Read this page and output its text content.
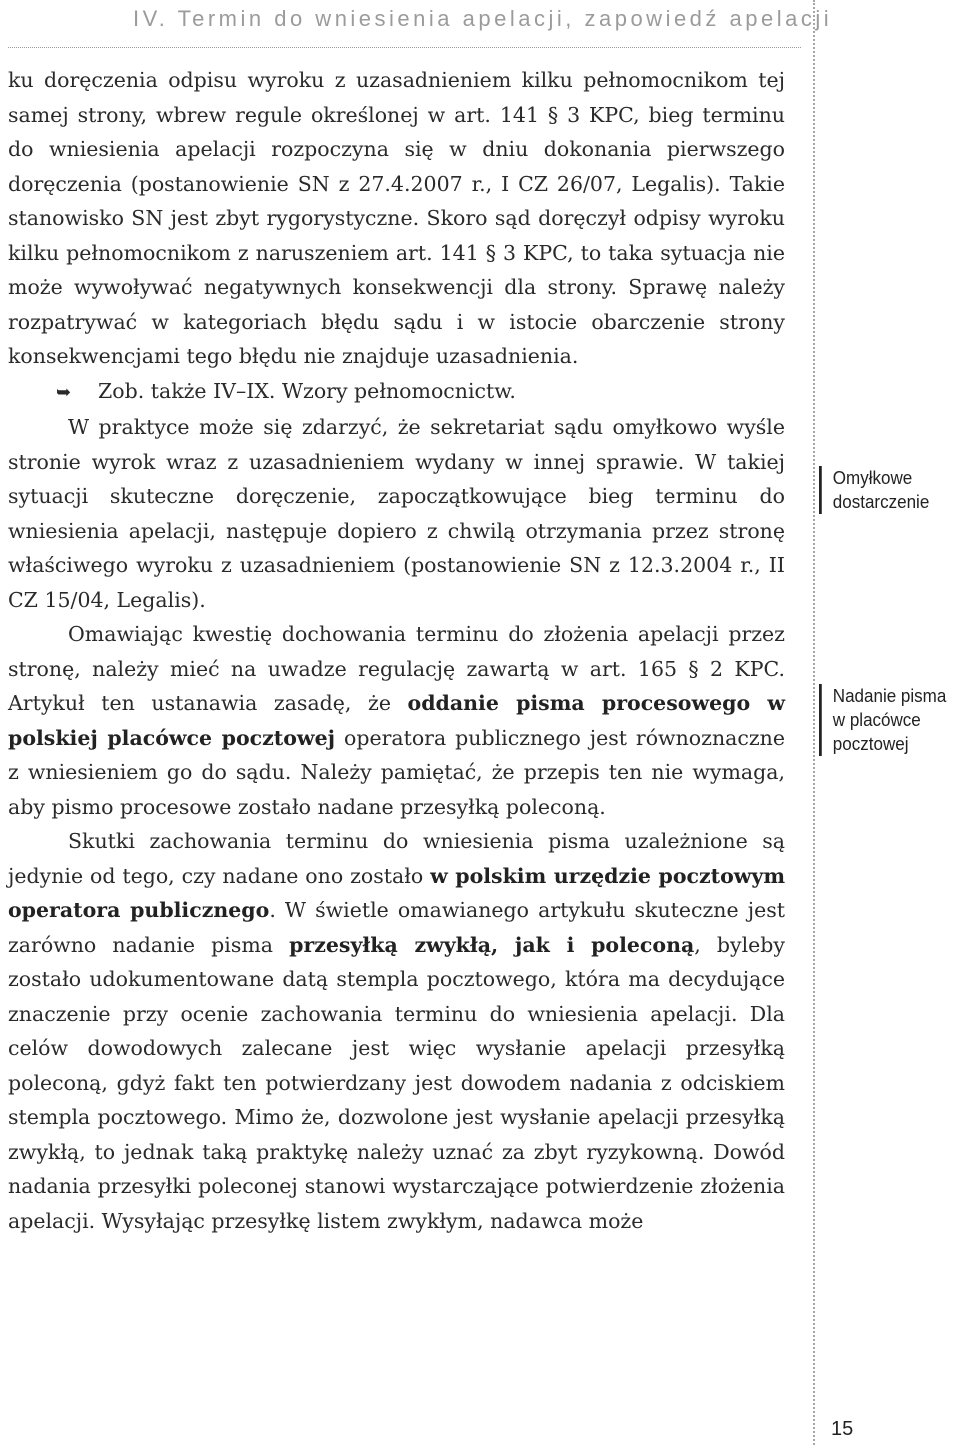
IV. Termin do wniesienia apelacji, zapowiedź apelacji

ku doręczenia odpisu wyroku z uzasadnieniem kilku pełnomocnikom tej samej strony, wbrew regule określonej w art. 141 § 3 KPC, bieg terminu do wniesienia apelacji rozpoczyna się w dniu dokonania pierwszego doręczenia (postanowienie SN z 27.4.2007 r., I CZ 26/07, Legalis). Takie stanowisko SN jest zbyt rygorystyczne. Skoro sąd doręczył odpisy wyroku kilku pełnomocnikom z naruszeniem art. 141 § 3 KPC, to taka sytuacja nie może wywoływać negatywnych konsekwencji dla strony. Sprawę należy rozpatrywać w kategoriach błędu sądu i w istocie obarczenie strony konsekwencjami tego błędu nie znajduje uzasadnienia.

➥ Zob. także IV–IX. Wzory pełnomocnictw.

W praktyce może się zdarzyć, że sekretariat sądu omyłkowo wyśle stronie wyrok wraz z uzasadnieniem wydany w innej sprawie. W takiej sytuacji skuteczne doręczenie, zapoczątkowujące bieg terminu do wniesienia apelacji, następuje dopiero z chwilą otrzymania przez stronę właściwego wyroku z uzasadnieniem (postanowienie SN z 12.3.2004 r., II CZ 15/04, Legalis).

Omawiając kwestię dochowania terminu do złożenia apelacji przez stronę, należy mieć na uwadze regulację zawartą w art. 165 § 2 KPC. Artykuł ten ustanawia zasadę, że oddanie pisma procesowego w polskiej placówce pocztowej operatora publicznego jest równoznaczne z wniesieniem go do sądu. Należy pamiętać, że przepis ten nie wymaga, aby pismo procesowe zostało nadane przesyłką poleconą.

Skutki zachowania terminu do wniesienia pisma uzależnione są jedynie od tego, czy nadane ono zostało w polskim urzędzie pocztowym operatora publicznego. W świetle omawianego artykułu skuteczne jest zarówno nadanie pisma przesyłką zwykłą, jak i poleconą, byleby zostało udokumentowane datą stempla pocztowego, która ma decydujące znaczenie przy ocenie zachowania terminu do wniesienia apelacji. Dla celów dowodowych zalecane jest więc wysłanie apelacji przesyłką poleconą, gdyż fakt ten potwierdzany jest dowodem nadania z odciskiem stempla pocztowego. Mimo że, dozwolone jest wysłanie apelacji przesyłką zwykłą, to jednak taką praktykę należy uznać za zbyt ryzykowną. Dowód nadania przesyłki poleconej stanowi wystarczające potwierdzenie złożenia apelacji. Wysyłając przesyłkę listem zwykłym, nadawca może

Omyłkowe
dostarczenie
Nadanie pisma
w placówce
pocztowej
15
